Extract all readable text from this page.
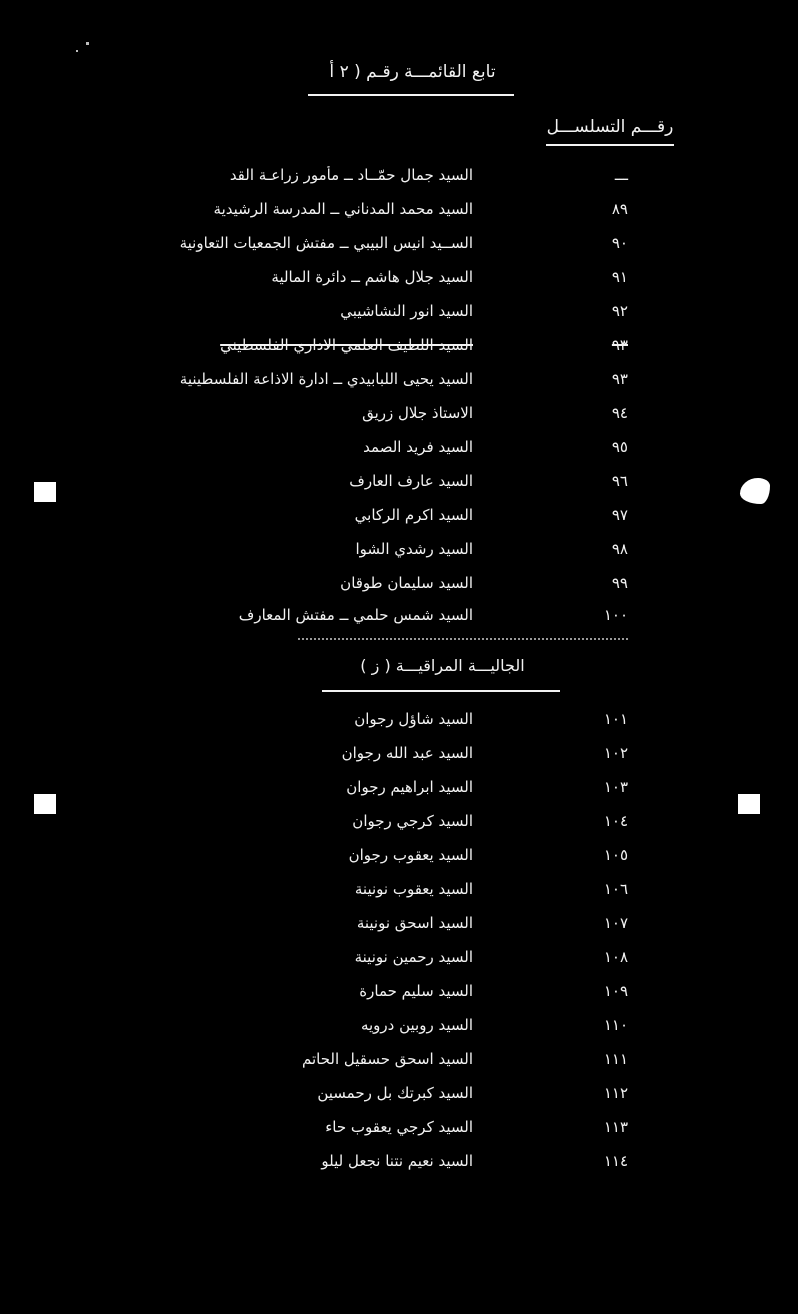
تابع القائمـــة رقـم ( ٢ أ
رقـــم التسلســـل
ـــ
السيد جمال حمّــاد ــ مأمور زراعـة القد
٨٩
السيد محمد المدناني ــ المدرسة الرشيدية
٩٠
الســيد انيس البيبي ــ مفتش الجمعيات التعاونية
٩١
السيد جلال هاشم ــ دائرة المالية
٩٢
السيد انور النشاشيبي
٩٣
السيد اللطيف العلمي الاداري الفلسطيني
٩٣
السيد يحيى اللبابيدي ــ ادارة الاذاعة الفلسطينية
٩٤
الاستاذ جلال زريق
٩٥
السيد فريد الصمد
٩٦
السيد عارف العارف
٩٧
السيد اكرم الركابي
٩٨
السيد رشدي الشوا
٩٩
السيد سليمان طوقان
١٠٠
السيد شمس حلمي ــ مفتش المعارف
الجاليـــة المراقيـــة ( ز )
١٠١
السيد شاؤل رجوان
١٠٢
السيد عبد الله رجوان
١٠٣
السيد ابراهيم رجوان
١٠٤
السيد كرجي رجوان
١٠٥
السيد يعقوب رجوان
١٠٦
السيد يعقوب نونينة
١٠٧
السيد اسحق نونينة
١٠٨
السيد رحمين نونينة
١٠٩
السيد سليم حمارة
١١٠
السيد روبين درويه
١١١
السيد اسحق حسقيل الحاتم
١١٢
السيد كبرتك بل رحمسين
١١٣
السيد كرجي يعقوب حاء
١١٤
السيد نعيم نتنا نجعل ليلو
